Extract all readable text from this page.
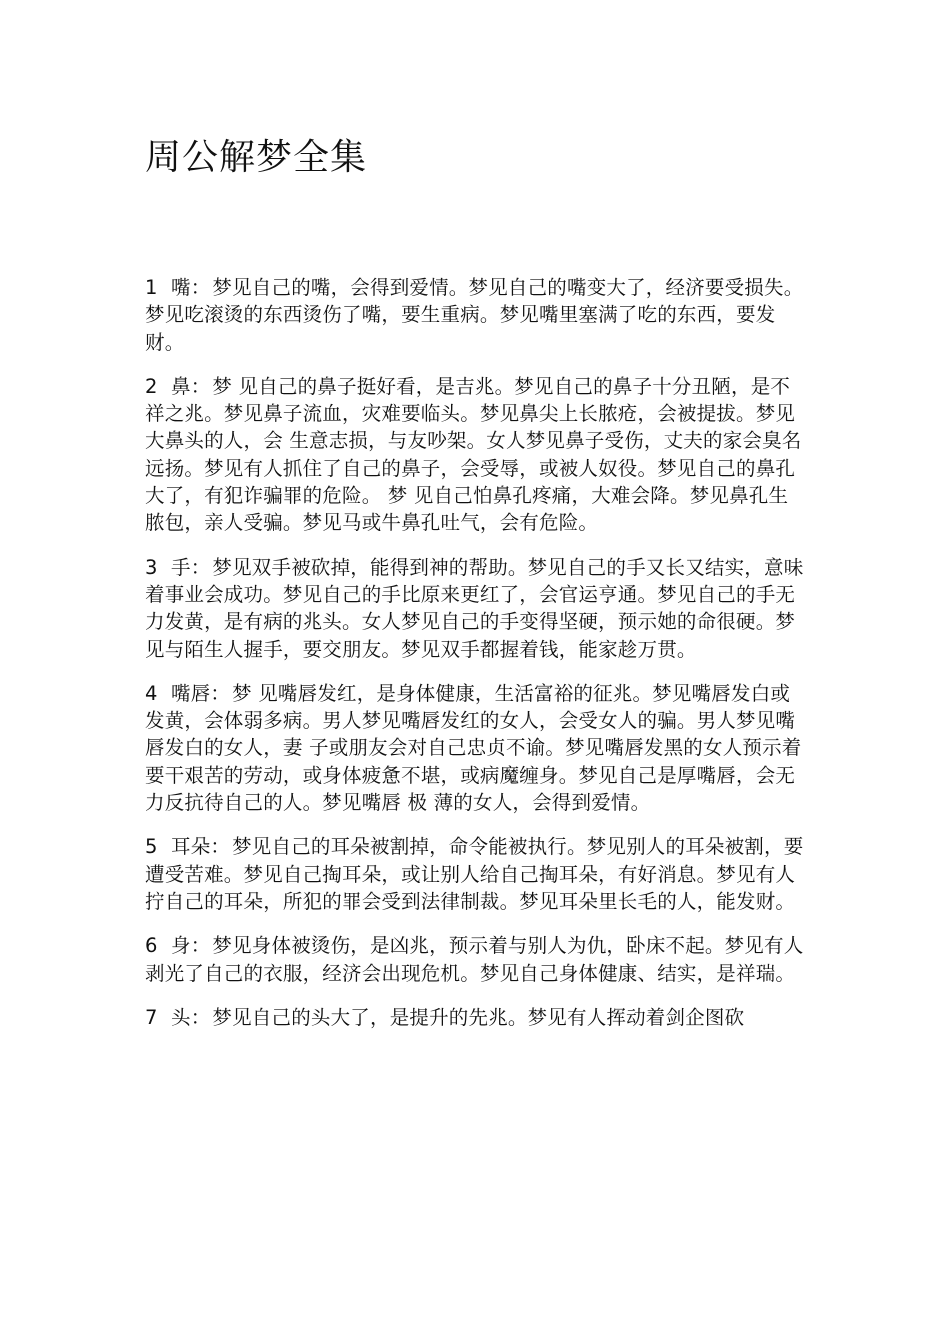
周公解梦全集

1 嘴： 梦见自己的嘴，会得到爱情。梦见自己的嘴变大了，经济要受损失。梦见吃滚烫的东西烫伤了嘴，要生重病。梦见嘴里塞满了吃的东西，要发财。

2 鼻： 梦 见自己的鼻子挺好看，是吉兆。梦见自己的鼻子十分丑陋，是不祥之兆。梦见鼻子流血，灾难要临头。梦见鼻尖上长脓疮，会被提拔。梦见大鼻头的人，会 生意志损，与友吵架。女人梦见鼻子受伤，丈夫的家会臭名远扬。梦见有人抓住了自己的鼻子，会受辱，或被人奴役。梦见自己的鼻孔大了，有犯诈骗罪的危险。 梦 见自己怕鼻孔疼痛，大难会降。梦见鼻孔生脓包，亲人受骗。梦见马或牛鼻孔吐气，会有危险。

3 手： 梦见双手被砍掉，能得到神的帮助。梦见自己的手又长又结实，意味着事业会成功。梦见自己的手比原来更红了，会官运亨通。梦见自己的手无力发黄，是有病的兆头。女人梦见自己的手变得坚硬，预示她的命很硬。梦见与陌生人握手，要交朋友。梦见双手都握着钱，能家趁万贯。

4 嘴唇： 梦 见嘴唇发红，是身体健康，生活富裕的征兆。梦见嘴唇发白或发黄，会体弱多病。男人梦见嘴唇发红的女人，会受女人的骗。男人梦见嘴唇发白的女人，妻 子或朋友会对自己忠贞不谕。梦见嘴唇发黑的女人预示着要干艰苦的劳动，或身体疲惫不堪，或病魔缠身。梦见自己是厚嘴唇，会无力反抗待自己的人。梦见嘴唇 极 薄的女人，会得到爱情。

5 耳朵： 梦见自己的耳朵被割掉，命令能被执行。梦见别人的耳朵被割，要遭受苦难。梦见自己掏耳朵，或让别人给自己掏耳朵，有好消息。梦见有人拧自己的耳朵，所犯的罪会受到法律制裁。梦见耳朵里长毛的人，能发财。

6 身： 梦见身体被烫伤，是凶兆，预示着与别人为仇，卧床不起。梦见有人剥光了自己的衣服，经济会出现危机。梦见自己身体健康、结实，是祥瑞。

7 头： 梦见自己的头大了，是提升的先兆。梦见有人挥动着剑企图砍
